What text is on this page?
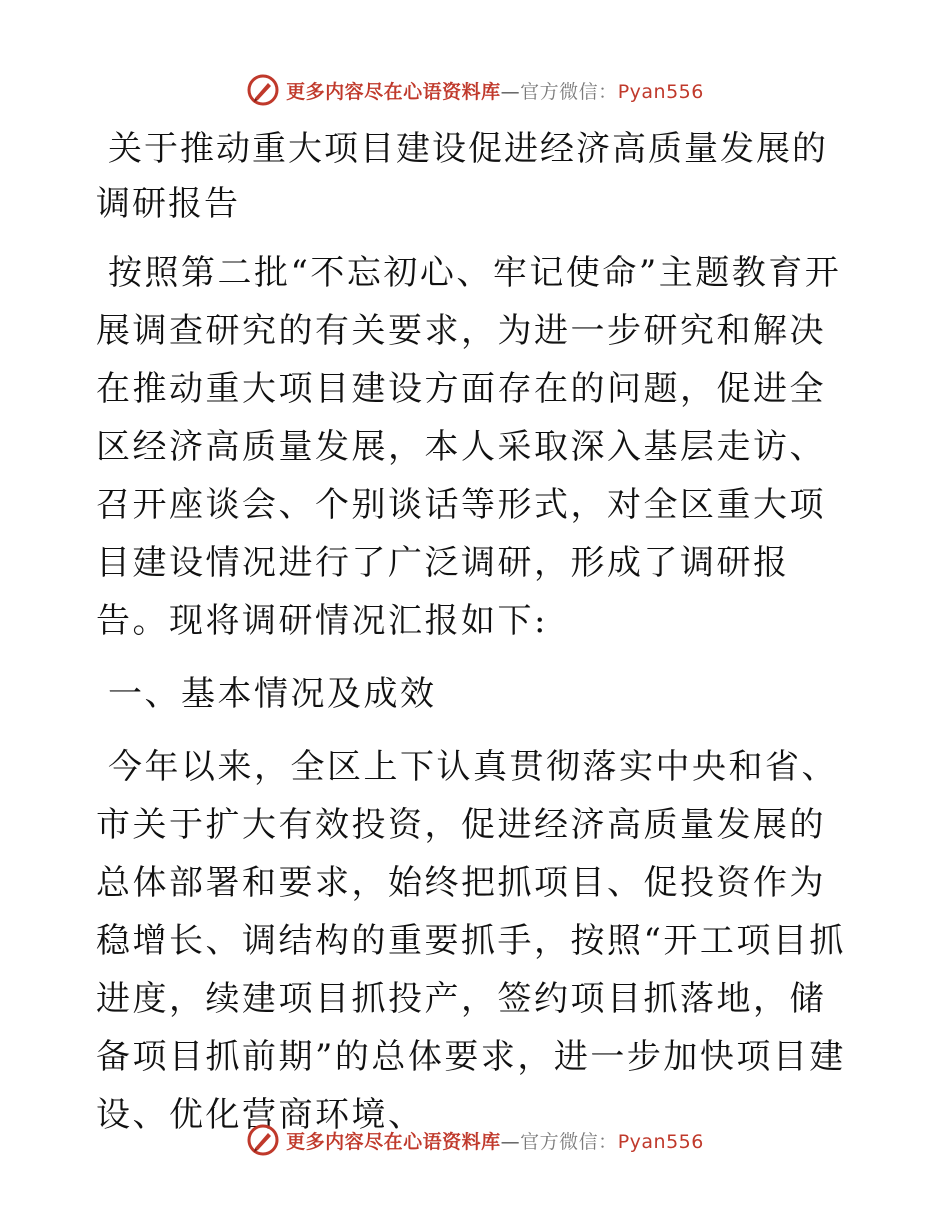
更多内容尽在心语资料库—官方微信：Pyan556
关于推动重大项目建设促进经济高质量发展的调研报告

按照第二批“不忘初心、牢记使命”主题教育开展调查研究的有关要求，为进一步研究和解决在推动重大项目建设方面存在的问题，促进全区经济高质量发展，本人采取深入基层走访、召开座谈会、个别谈话等形式，对全区重大项目建设情况进行了广泛调研，形成了调研报告。现将调研情况汇报如下:

一、基本情况及成效

今年以来，全区上下认真贯彻落实中央和省、市关于扩大有效投资，促进经济高质量发展的总体部署和要求，始终把抓项目、促投资作为稳增长、调结构的重要抓手，按照“开工项目抓进度，续建项目抓投产，签约项目抓落地，储备项目抓前期”的总体要求，进一步加快项目建设、优化营商环境、

更多内容尽在心语资料库—官方微信：Pyan556
